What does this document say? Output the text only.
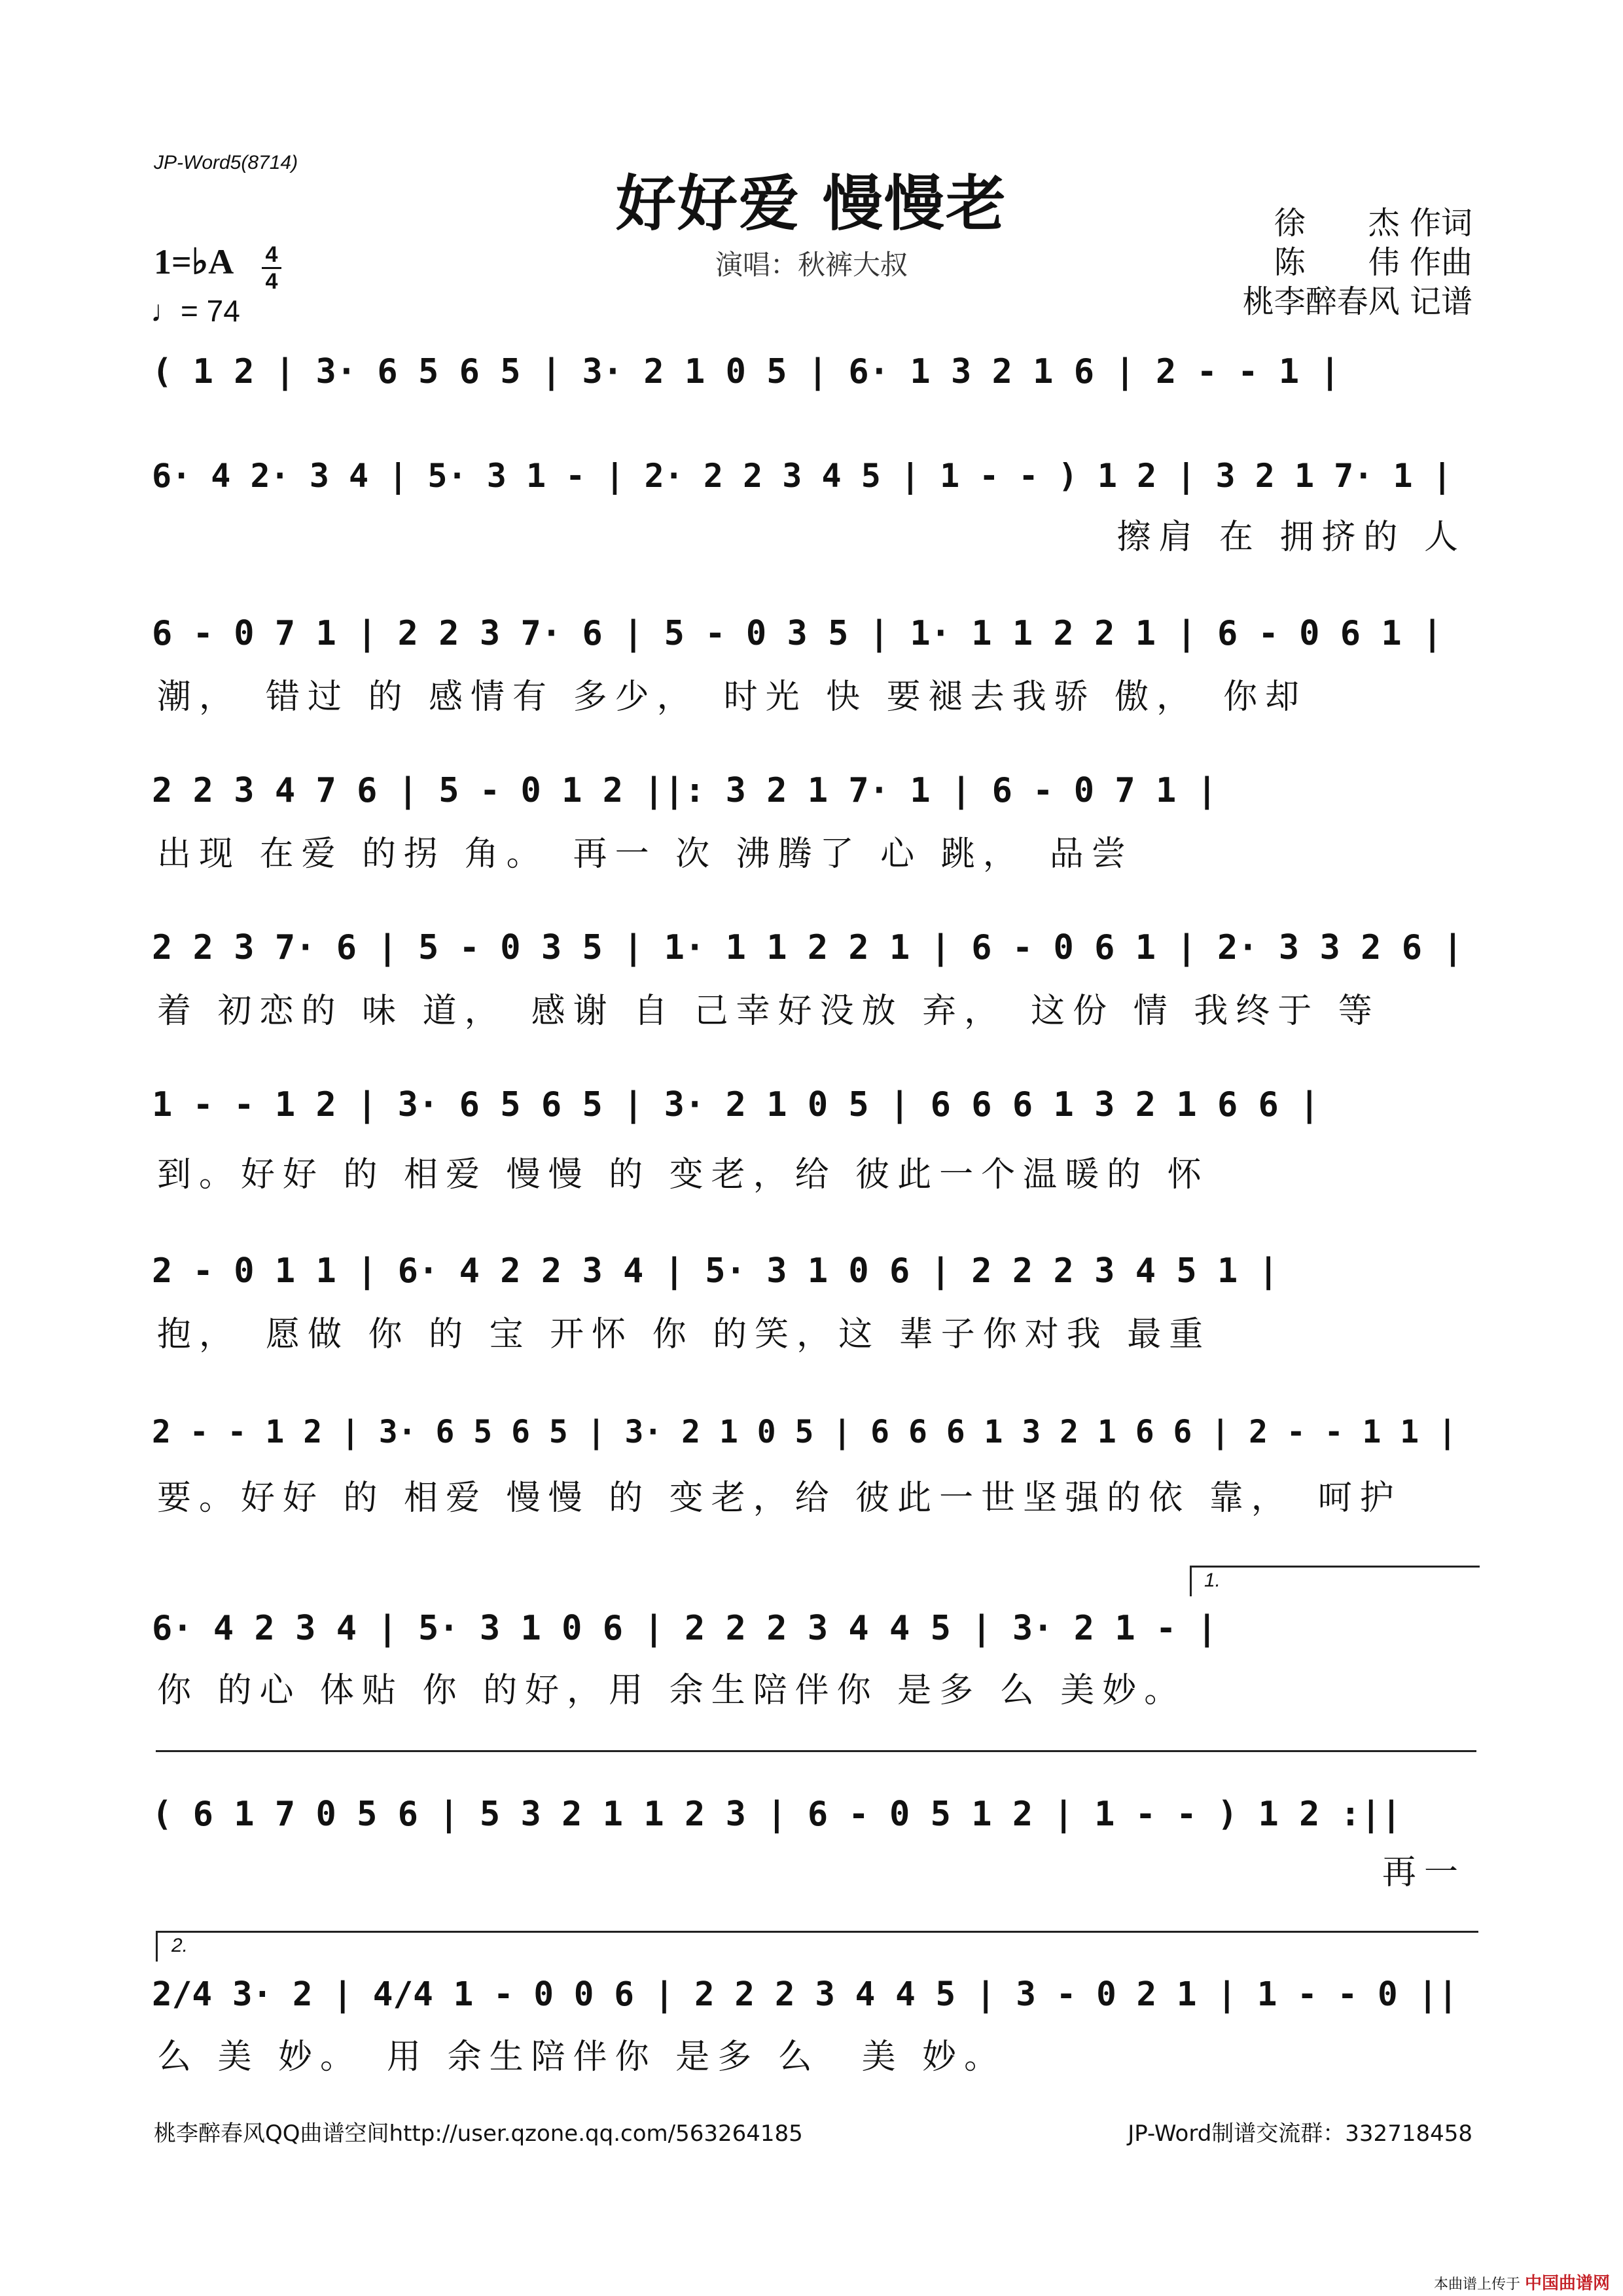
JP-Word5(8714)
好好爱 慢慢老
演唱：秋裤大叔
徐　　杰 作词
陈　　伟 作曲
桃李醉春风 记谱
1=♭A 4
4
♩= 74
( 1 2 | 3· 6 5 6 5 | 3· 2 1 0 5 | 6· 1 3 2 1 6 | 2 - - 1 |
6· 4 2· 3 4 | 5· 3 1 - | 2· 2 2 3 4 5 | 1 - - ) 1 2 | 3 2 1 7· 1 |
擦肩 在 拥挤的 人
6 - 0 7 1 | 2 2 3 7· 6 | 5 - 0 3 5 | 1· 1 1 2 2 1 | 6 - 0 6 1 |
潮，　错过 的 感情有 多少，　时光 快 要褪去我骄 傲，　你却
2 2 3 4 7 6 | 5 - 0 1 2 ||: 3 2 1 7· 1 | 6 - 0 7 1 |
出现 在爱 的拐 角。　再一 次 沸腾了 心 跳，　品尝
2 2 3 7· 6 | 5 - 0 3 5 | 1· 1 1 2 2 1 | 6 - 0 6 1 | 2· 3 3 2 6 |
着 初恋的 味 道，　感谢 自 己幸好没放 弃，　这份 情 我终于 等
1 - - 1 2 | 3· 6 5 6 5 | 3· 2 1 0 5 | 6 6 6 1 3 2 1 6 6 |
到。好好 的 相爱 慢慢 的 变老，给 彼此一个温暖的 怀
2 - 0 1 1 | 6· 4 2 2 3 4 | 5· 3 1 0 6 | 2 2 2 3 4 5 1 |
抱，　愿做 你 的 宝 开怀 你 的笑，这 辈子你对我 最重
2 - - 1 2 | 3· 6 5 6 5 | 3· 2 1 0 5 | 6 6 6 1 3 2 1 6 6 | 2 - - 1 1 |
要。好好 的 相爱 慢慢 的 变老，给 彼此一世坚强的依 靠，　呵护
1.
6· 4 2 3 4 | 5· 3 1 0 6 | 2 2 2 3 4 4 5 | 3· 2 1 - |
你 的心 体贴 你 的好，用 余生陪伴你 是多 么 美妙。
( 6 1 7 0 5 6 | 5 3 2 1 1 2 3 | 6 - 0 5 1 2 | 1 - - ) 1 2 :||
再一
2.
2/4 3· 2 | 4/4 1 - 0 0 6 | 2 2 2 3 4 4 5 | 3 - 0 2 1 | 1 - - 0 ||
么 美 妙。　用 余生陪伴你 是多 么　美 妙。
桃李醉春风QQ曲谱空间http://user.qzone.qq.com/563264185	JP-Word制谱交流群：332718458
本曲谱上传于 中国曲谱网
